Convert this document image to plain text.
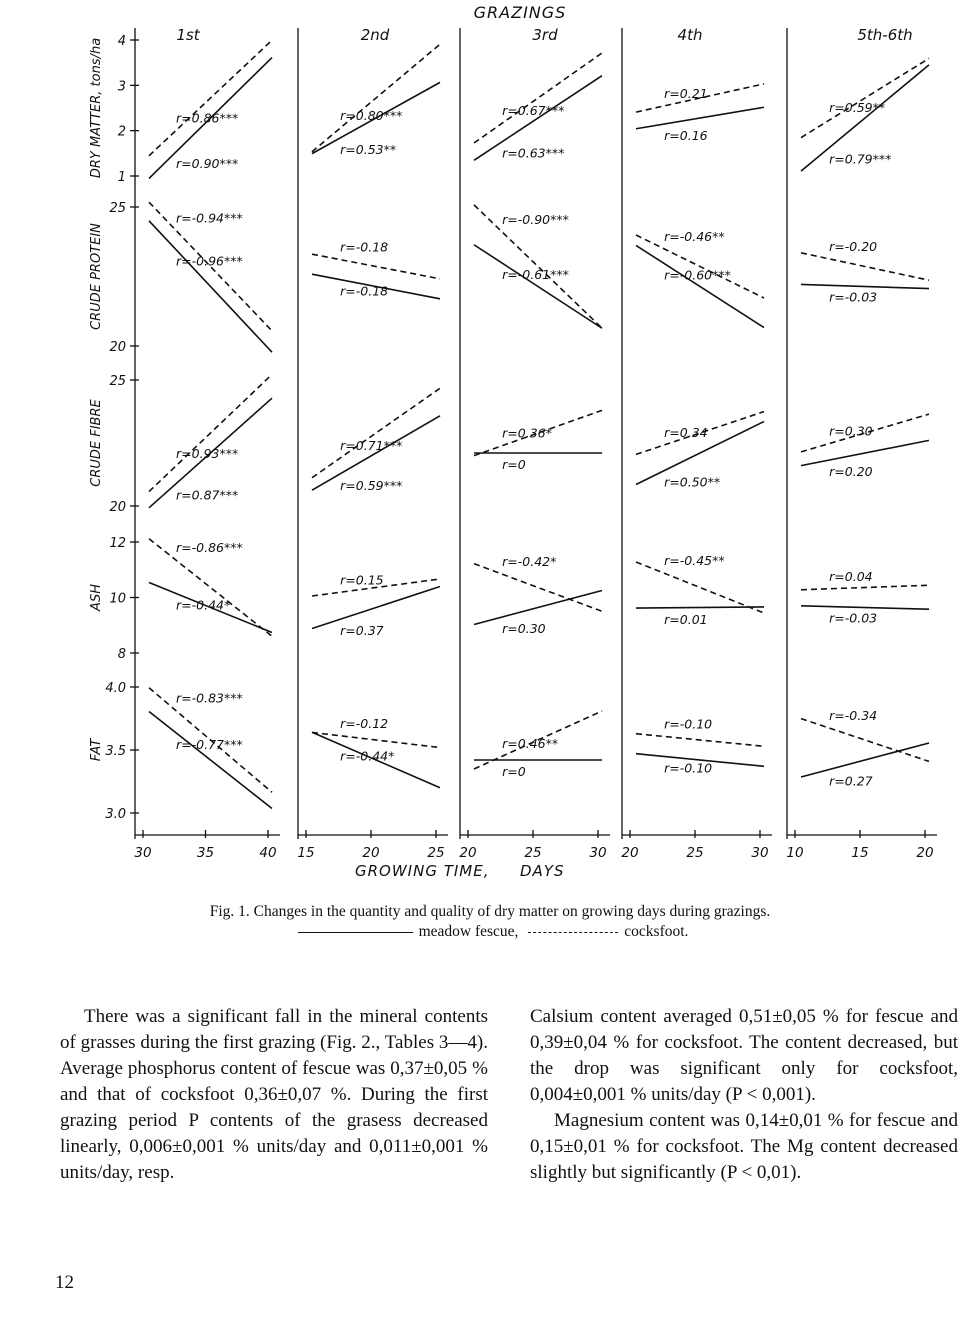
GRAZINGS
1st	2nd	3rd	4th	5th-6th
DRY MATTER, tons/ha 4
3
2
1
CRUDE PROTEIN
25
20
CRUDE FIBRE
25
20
ASH
12
10
8
FAT
4.0
3.5
3.0
30	35	40 15	20	25 20	25	30 20	25	30 10	15	20
GROWING TIME, DAYS
r=0.86***
r=0.90***
r=0.80***
r=0.53**
r=0.67***
r=0.63***
r=0.21
r=0.16
r=0.59**
r=0.79***
r=-0.94***
r=-0.96***
r=-0.18
r=-0.18
r=-0.90***
r=-0.61***
r=-0.46**
r=-0.60***
r=-0.20
r=-0.03
r=0.93***
r=0.87***
r=0.71***
r=0.59***
r=0.36*
r=0
r=0.34
r=0.50**
r=0.30
r=0.20
r=-0.86***
r=-0.44*
r=0.15
r=0.37
r=-0.42*
r=0.30
r=-0.45**
r=0.01
r=0.04
r=-0.03
r=-0.83***
r=-0.77***
r=-0.12
r=-0.44*
r=0.46**
r=0
r=-0.10
r=-0.10
r=-0.34
r=0.27
Fig. 1. Changes in the quantity and quality of dry matter on growing days during grazings.
meadow fescue,	cocksfoot.

There was a significant fall in the mineral contents of grasses during the first grazing (Fig. 2., Tables 3—4). Average phosphorus content of fescue was 0,37±0,05 % and that of cocksfoot 0,36±0,07 %. During the first grazing period P contents of the grasess decreased linearly, 0,006±0,001 % units/day and 0,011±0,001 % units/day, resp.

Calsium content averaged 0,51±0,05 % for fescue and 0,39±0,04 % for cocksfoot. The content decreased, but the drop was significant only for cocksfoot, 0,004±0,001 % units/day (P < 0,001).

Magnesium content was 0,14±0,01 % for fescue and 0,15±0,01 % for cocksfoot. The Mg content decreased slightly but significantly (P < 0,01).

12
